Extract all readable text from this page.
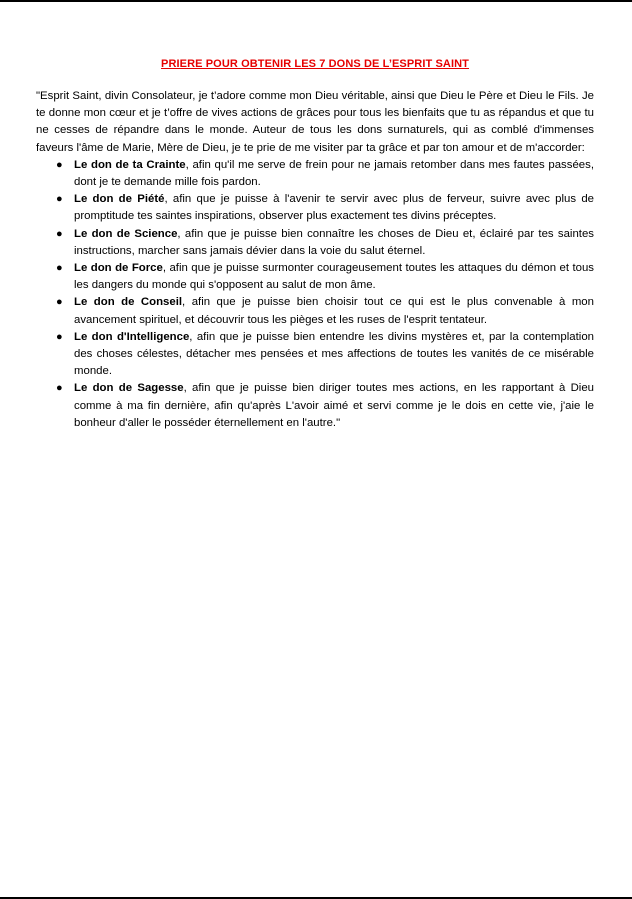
PRIERE POUR OBTENIR LES 7 DONS DE L’ESPRIT SAINT

"Esprit Saint, divin Consolateur, je t’adore comme mon Dieu véritable, ainsi que Dieu le Père et Dieu le Fils. Je te donne mon cœur et je t’offre de vives actions de grâces pour tous les bienfaits que tu as répandus et que tu ne cesses de répandre dans le monde. Auteur de tous les dons surnaturels, qui as comblé d'immenses faveurs l'âme de Marie, Mère de Dieu, je te prie de me visiter par ta grâce et par ton amour et de m'accorder:

● Le don de ta Crainte, afin qu'il me serve de frein pour ne jamais retomber dans mes fautes passées, dont je te demande mille fois pardon.
● Le don de Piété, afin que je puisse à l'avenir te servir avec plus de ferveur, suivre avec plus de promptitude tes saintes inspirations, observer plus exactement tes divins préceptes.
● Le don de Science, afin que je puisse bien connaître les choses de Dieu et, éclairé par tes saintes instructions, marcher sans jamais dévier dans la voie du salut éternel.
● Le don de Force, afin que je puisse surmonter courageusement toutes les attaques du démon et tous les dangers du monde qui s'opposent au salut de mon âme.
● Le don de Conseil, afin que je puisse bien choisir tout ce qui est le plus convenable à mon avancement spirituel, et découvrir tous les pièges et les ruses de l'esprit tentateur.
● Le don d'Intelligence, afin que je puisse bien entendre les divins mystères et, par la contemplation des choses célestes, détacher mes pensées et mes affections de toutes les vanités de ce misérable monde.
● Le don de Sagesse, afin que je puisse bien diriger toutes mes actions, en les rapportant à Dieu comme à ma fin dernière, afin qu'après L'avoir aimé et servi comme je le dois en cette vie, j'aie le bonheur d'aller le posséder éternellement en l'autre."
